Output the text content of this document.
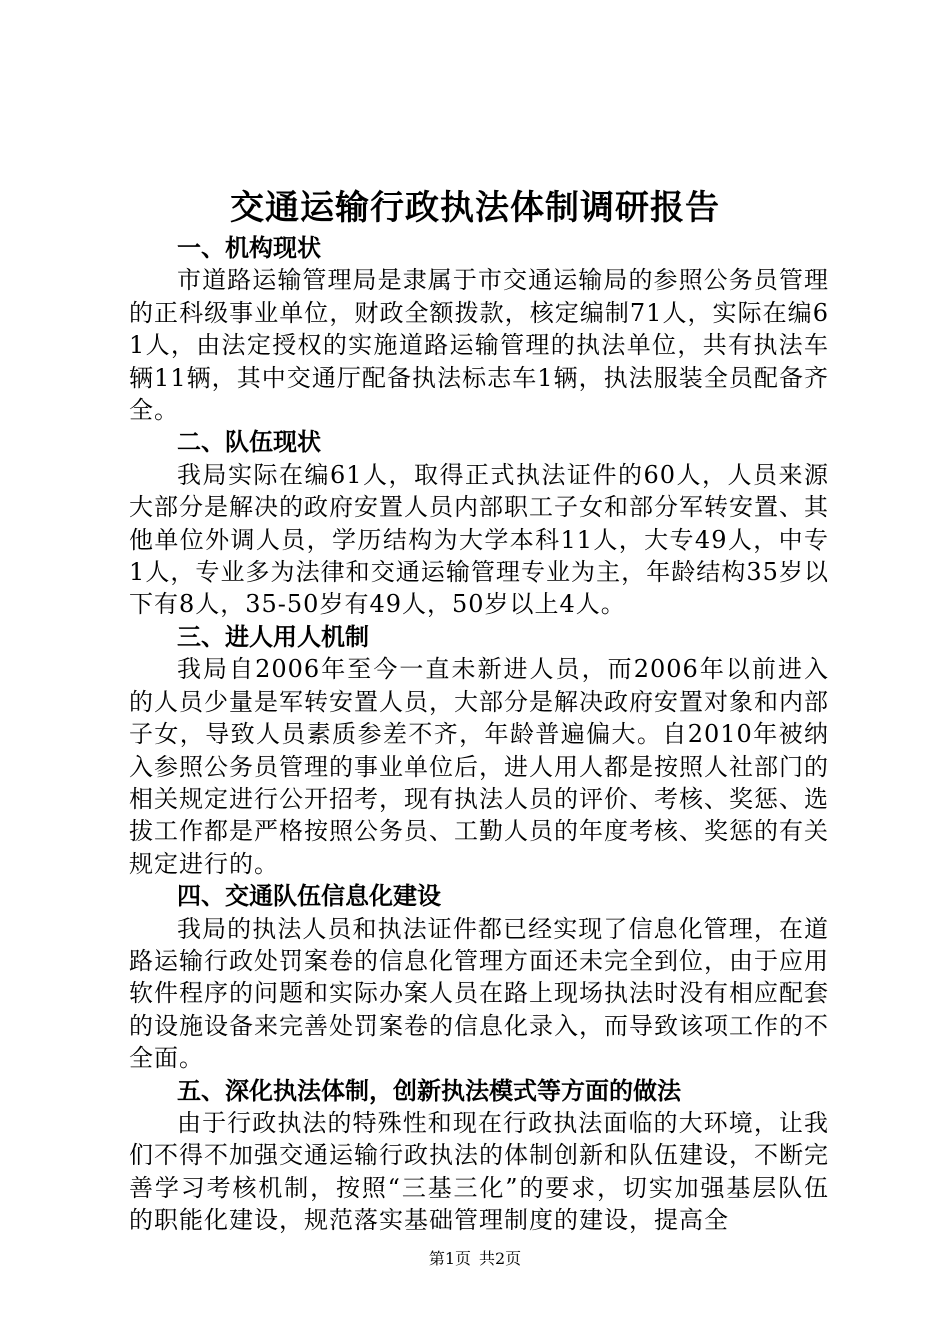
交通运输行政执法体制调研报告

一、机构现状

市道路运输管理局是隶属于市交通运输局的参照公务员管理的正科级事业单位，财政全额拨款，核定编制71人，实际在编61人，由法定授权的实施道路运输管理的执法单位，共有执法车辆11辆，其中交通厅配备执法标志车1辆，执法服装全员配备齐全。

二、队伍现状

我局实际在编61人，取得正式执法证件的60人，人员来源大部分是解决的政府安置人员内部职工子女和部分军转安置、其他单位外调人员，学历结构为大学本科11人，大专49人，中专1人，专业多为法律和交通运输管理专业为主，年龄结构35岁以下有8人，35-50岁有49人，50岁以上4人。

三、进人用人机制

我局自2006年至今一直未新进人员，而2006年以前进入的人员少量是军转安置人员，大部分是解决政府安置对象和内部子女，导致人员素质参差不齐，年龄普遍偏大。自2010年被纳入参照公务员管理的事业单位后，进人用人都是按照人社部门的相关规定进行公开招考，现有执法人员的评价、考核、奖惩、选拔工作都是严格按照公务员、工勤人员的年度考核、奖惩的有关规定进行的。

四、交通队伍信息化建设

我局的执法人员和执法证件都已经实现了信息化管理，在道路运输行政处罚案卷的信息化管理方面还未完全到位，由于应用软件程序的问题和实际办案人员在路上现场执法时没有相应配套的设施设备来完善处罚案卷的信息化录入，而导致该项工作的不全面。

五、深化执法体制，创新执法模式等方面的做法

由于行政执法的特殊性和现在行政执法面临的大环境，让我们不得不加强交通运输行政执法的体制创新和队伍建设，不断完善学习考核机制，按照“三基三化”的要求，切实加强基层队伍的职能化建设，规范落实基础管理制度的建设，提高全

第1页 共2页
